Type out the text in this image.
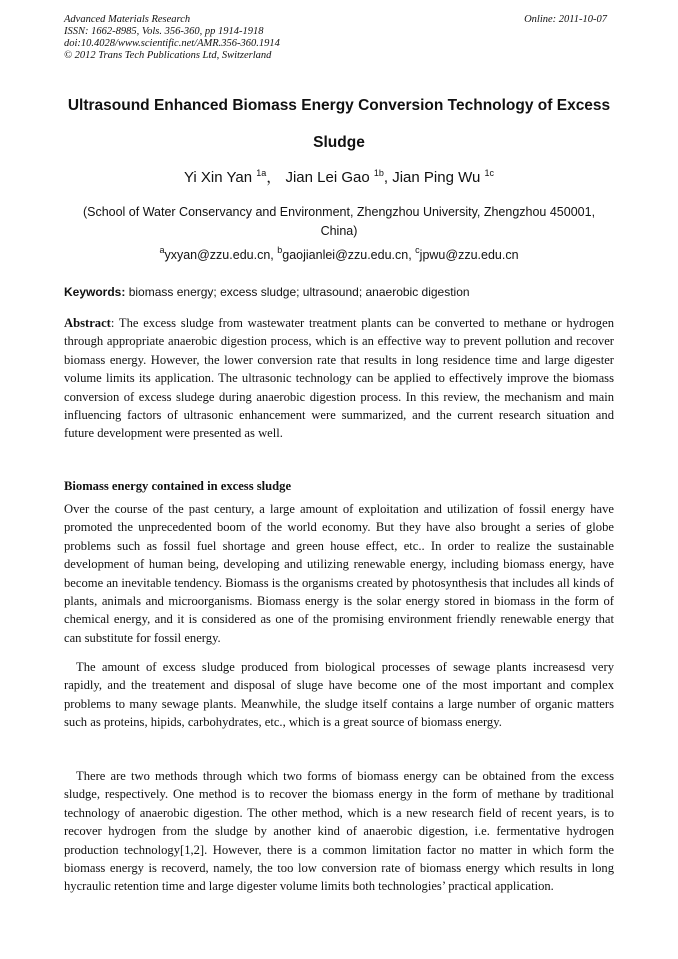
Advanced Materials Research
ISSN: 1662-8985, Vols. 356-360, pp 1914-1918
doi:10.4028/www.scientific.net/AMR.356-360.1914
© 2012 Trans Tech Publications Ltd, Switzerland
Online: 2011-10-07
Ultrasound Enhanced Biomass Energy Conversion Technology of Excess Sludge
Yi Xin Yan $^{1a}$， Jian Lei Gao $^{1b}$, Jian Ping Wu $^{1c}$
(School of Water Conservancy and Environment, Zhengzhou University, Zhengzhou 450001, China)
$^a$yxyan@zzu.edu.cn, $^b$gaojianlei@zzu.edu.cn, $^c$jpwu@zzu.edu.cn
Keywords: biomass energy; excess sludge; ultrasound; anaerobic digestion
Abstract: The excess sludge from wastewater treatment plants can be converted to methane or hydrogen through appropriate anaerobic digestion process, which is an effective way to prevent pollution and recover biomass energy. However, the lower conversion rate that results in long residence time and large digester volume limits its application. The ultrasonic technology can be applied to effectively improve the biomass conversion of excess sludege during anaerobic digestion process. In this review, the mechanism and main influencing factors of ultrasonic enhancement were summarized, and the current research situation and future development were presented as well.
Biomass energy contained in excess sludge
Over the course of the past century, a large amount of exploitation and utilization of fossil energy have promoted the unprecedented boom of the world economy. But they have also brought a series of globe problems such as fossil fuel shortage and green house effect, etc.. In order to realize the sustainable development of human being, developing and utilizing renewable energy, including biomass energy, have become an inevitable tendency. Biomass is the organisms created by photosynthesis that includes all kinds of plants, animals and microorganisms. Biomass energy is the solar energy stored in biomass in the form of chemical energy, and it is considered as one of the promising environment friendly renewable energy that can substitute for fossil energy.
The amount of excess sludge produced from biological processes of sewage plants increasesd very rapidly, and the treatement and disposal of sluge have become one of the most important and complex problems to many sewage plants. Meanwhile, the sludge itself contains a large number of organic matters such as proteins, hipids, carbohydrates, etc., which is a great source of biomass energy.
There are two methods through which two forms of biomass energy can be obtained from the excess sludge, respectively. One method is to recover the biomass energy in the form of methane by traditional technology of anaerobic digestion. The other method, which is a new research field of recent years, is to recover hydrogen from the sludge by another kind of anaerobic digestion, i.e. fermentative hydrogen production technology[1,2]. However, there is a common limitation factor no matter in which form the biomass energy is recoverd, namely, the too low conversion rate of biomass energy which results in long hycraulic retention time and large digester volume limits both technologies’ practical application.
